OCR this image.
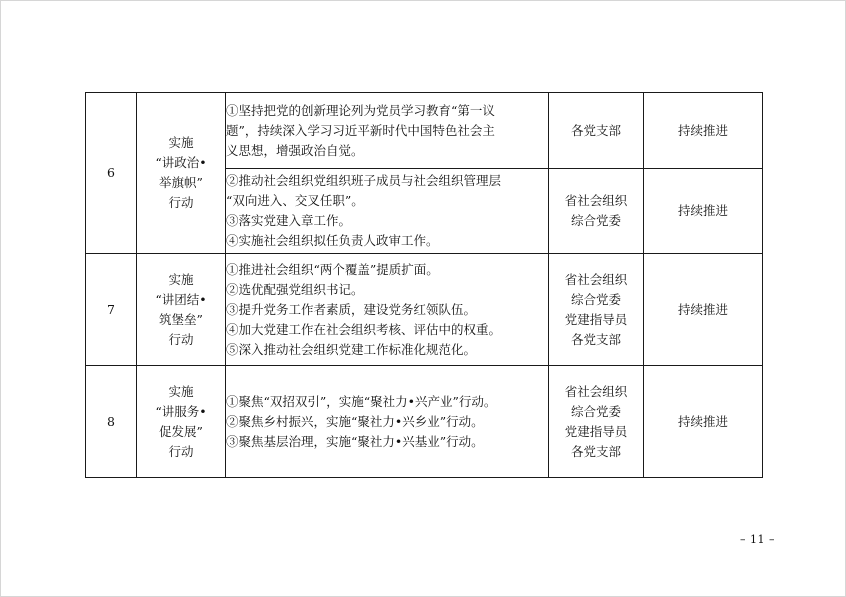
6	实施
“讲政治•
举旗帜”
行动	①坚持把党的创新理论列为党员学习教育“第一议
题”，持续深入学习习近平新时代中国特色社会主
义思想，增强政治自觉。	各党支部	持续推进

		②推动社会组织党组织班子成员与社会组织管理层
“双向进入、交叉任职”。
③落实党建入章工作。
④实施社会组织拟任负责人政审工作。	省社会组织
综合党委	持续推进
7	实施
“讲团结•
筑堡垒”
行动	①推进社会组织“两个覆盖”提质扩面。
②选优配强党组织书记。
③提升党务工作者素质，建设党务红领队伍。
④加大党建工作在社会组织考核、评估中的权重。
⑤深入推动社会组织党建工作标准化规范化。	省社会组织
综合党委
党建指导员
各党支部	持续推进
8	实施
“讲服务•
促发展”
行动	①聚焦“双招双引”，实施“聚社力•兴产业”行动。
②聚焦乡村振兴，实施“聚社力•兴乡业”行动。
③聚焦基层治理，实施“聚社力•兴基业”行动。	省社会组织
综合党委
党建指导员
各党支部	持续推进
– 11 –
